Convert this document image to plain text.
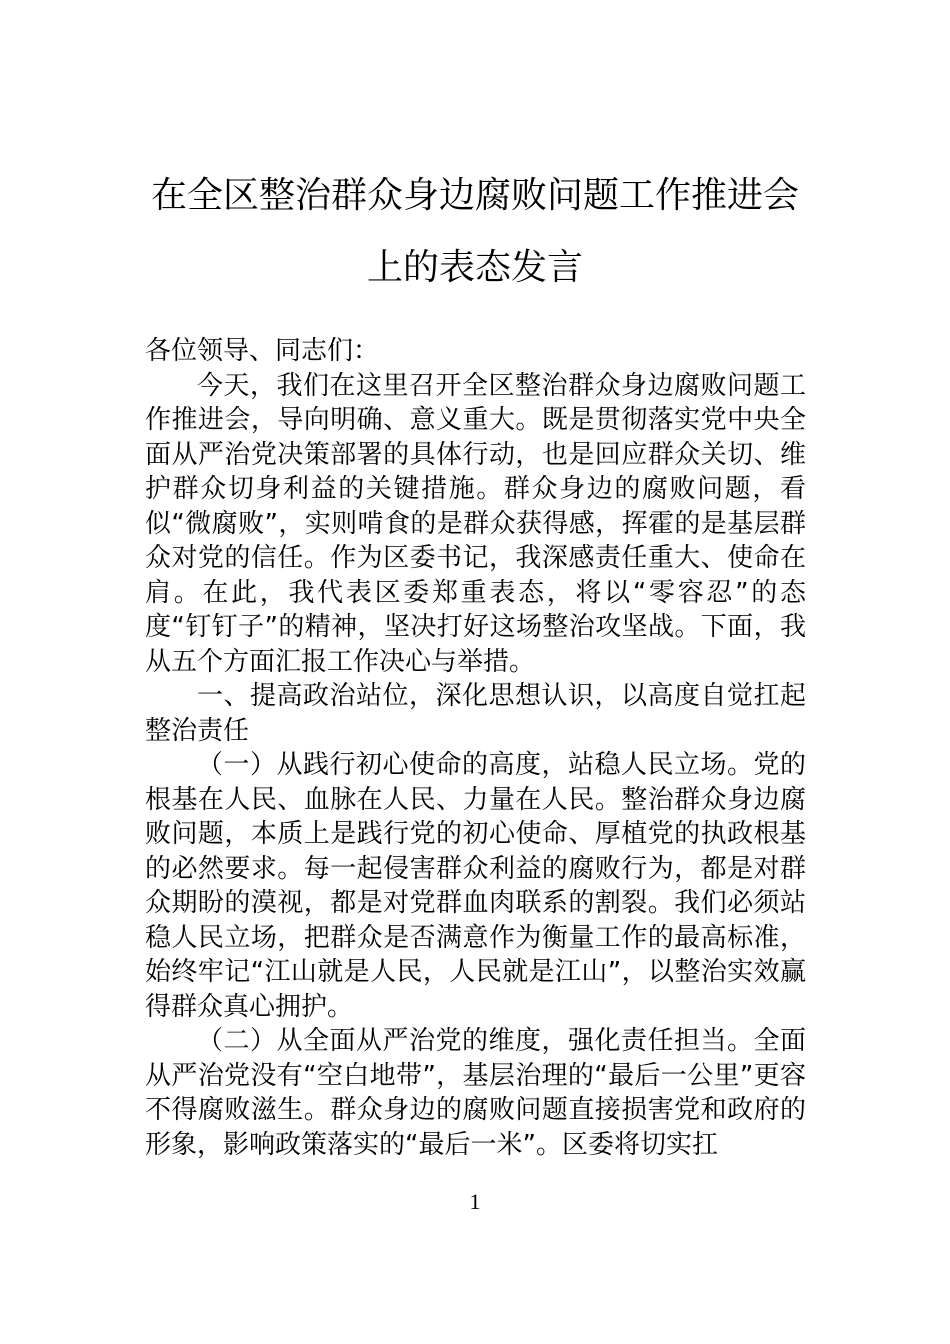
在全区整治群众身边腐败问题工作推进会
上的表态发言

各位领导、同志们：

今天，我们在这里召开全区整治群众身边腐败问题工作推进会，导向明确、意义重大。既是贯彻落实党中央全面从严治党决策部署的具体行动，也是回应群众关切、维护群众切身利益的关键措施。群众身边的腐败问题，看似“微腐败”，实则啃食的是群众获得感，挥霍的是基层群众对党的信任。作为区委书记，我深感责任重大、使命在肩。在此，我代表区委郑重表态，将以“零容忍”的态度“钉钉子”的精神，坚决打好这场整治攻坚战。下面，我从五个方面汇报工作决心与举措。

一、提高政治站位，深化思想认识，以高度自觉扛起整治责任

（一）从践行初心使命的高度，站稳人民立场。党的根基在人民、血脉在人民、力量在人民。整治群众身边腐败问题，本质上是践行党的初心使命、厚植党的执政根基的必然要求。每一起侵害群众利益的腐败行为，都是对群众期盼的漠视，都是对党群血肉联系的割裂。我们必须站稳人民立场，把群众是否满意作为衡量工作的最高标准，始终牢记“江山就是人民，人民就是江山”，以整治实效赢得群众真心拥护。

（二）从全面从严治党的维度，强化责任担当。全面从严治党没有“空白地带”，基层治理的“最后一公里”更容不得腐败滋生。群众身边的腐败问题直接损害党和政府的形象，影响政策落实的“最后一米”。区委将切实扛

1
